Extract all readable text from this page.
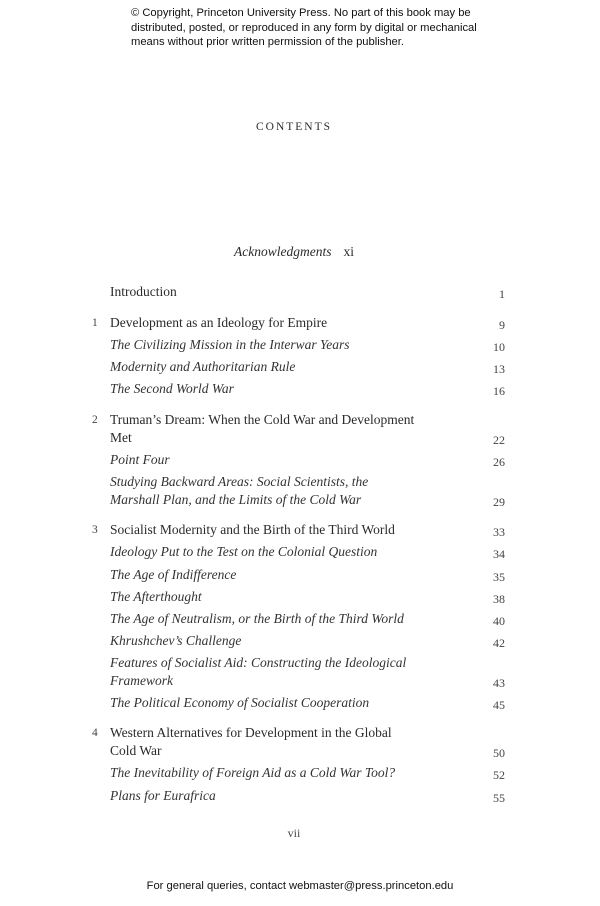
© Copyright, Princeton University Press. No part of this book may be
distributed, posted, or reproduced in any form by digital or mechanical
means without prior written permission of the publisher.
CONTENTS
Acknowledgments xi
Introduction	1
1 Development as an Ideology for Empire	9
The Civilizing Mission in the Interwar Years	10
Modernity and Authoritarian Rule	13
The Second World War	16
2 Truman’s Dream: When the Cold War and Development Met	22
Point Four	26
Studying Backward Areas: Social Scientists, the Marshall Plan, and the Limits of the Cold War	29
3 Socialist Modernity and the Birth of the Third World	33
Ideology Put to the Test on the Colonial Question	34
The Age of Indifference	35
The Afterthought	38
The Age of Neutralism, or the Birth of the Third World	40
Khrushchev’s Challenge	42
Features of Socialist Aid: Constructing the Ideological Framework	43
The Political Economy of Socialist Cooperation	45
4 Western Alternatives for Development in the Global Cold War	50
The Inevitability of Foreign Aid as a Cold War Tool?	52
Plans for Eurafrica	55
vii
For general queries, contact webmaster@press.princeton.edu
